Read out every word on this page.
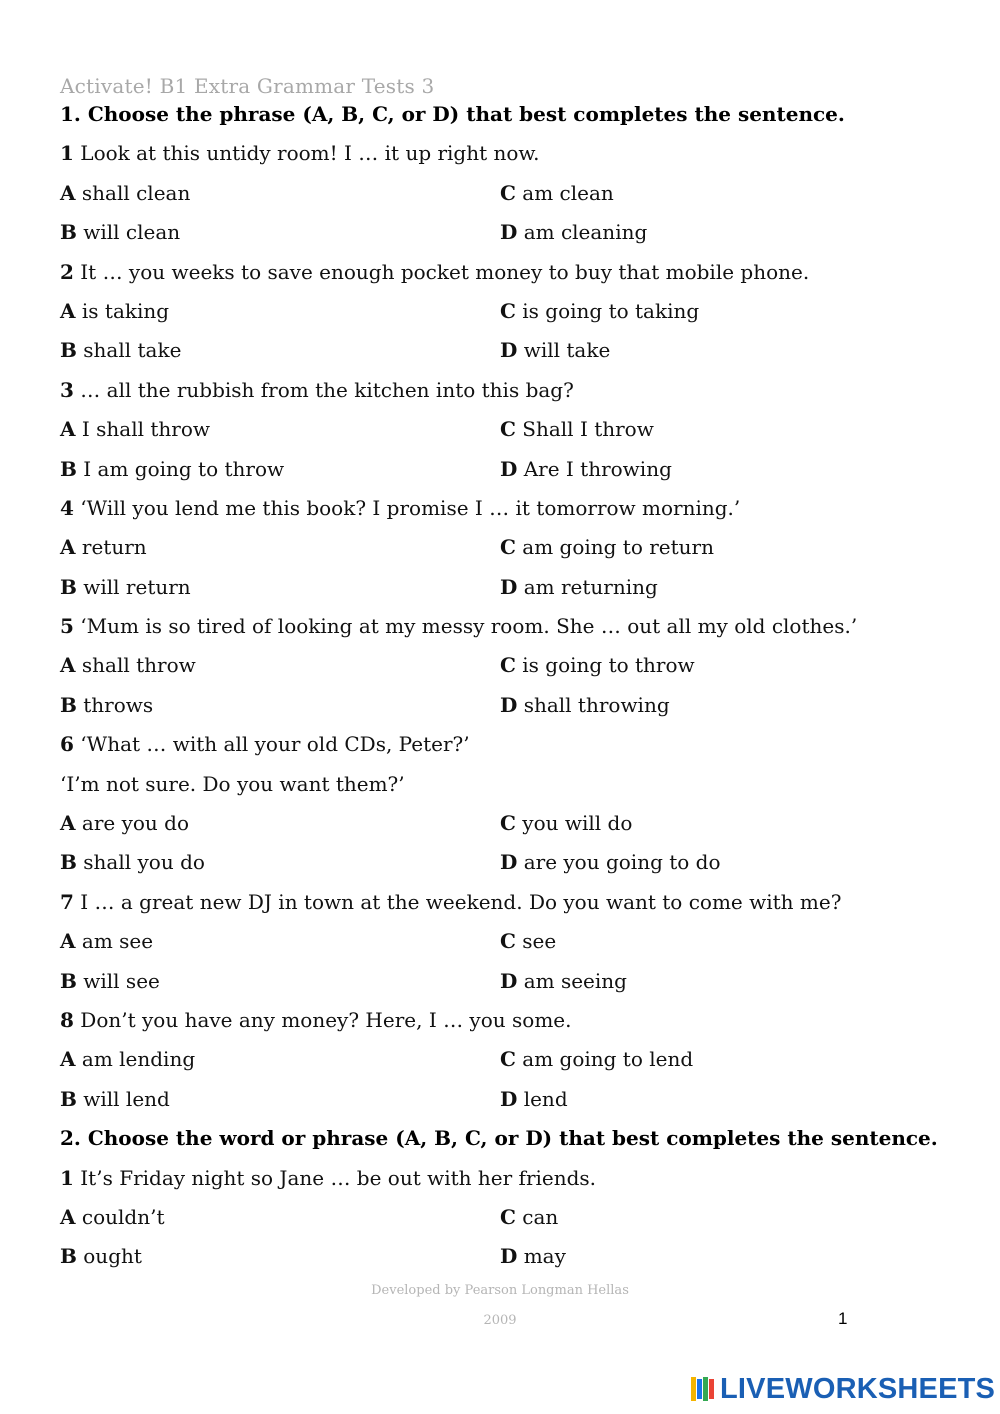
Activate! B1 Extra Grammar Tests 3
1. Choose the phrase (A, B, C, or D) that best completes the sentence.
1 Look at this untidy room! I … it up right now.
A shall clean	C am clean
B will clean	D am cleaning
2 It … you weeks to save enough pocket money to buy that mobile phone.
A is taking	C is going to taking
B shall take	D will take
3 … all the rubbish from the kitchen into this bag?
A I shall throw	C Shall I throw
B I am going to throw	D Are I throwing
4 ‘Will you lend me this book? I promise I … it tomorrow morning.’
A return	C am going to return
B will return	D am returning
5 ‘Mum is so tired of looking at my messy room. She … out all my old clothes.’
A shall throw	C is going to throw
B throws	D shall throwing
6 ‘What … with all your old CDs, Peter?’
‘I’m not sure. Do you want them?’
A are you do	C you will do
B shall you do	D are you going to do
7 I … a great new DJ in town at the weekend. Do you want to come with me?
A am see	C see
B will see	D am seeing
8 Don’t you have any money? Here, I … you some.
A am lending	C am going to lend
B will lend	D lend
2. Choose the word or phrase (A, B, C, or D) that best completes the sentence.
1 It’s Friday night so Jane … be out with her friends.
A couldn’t	C can
B ought	D may
Developed by Pearson Longman Hellas
2009	1
LIVEWORKSHEETS
